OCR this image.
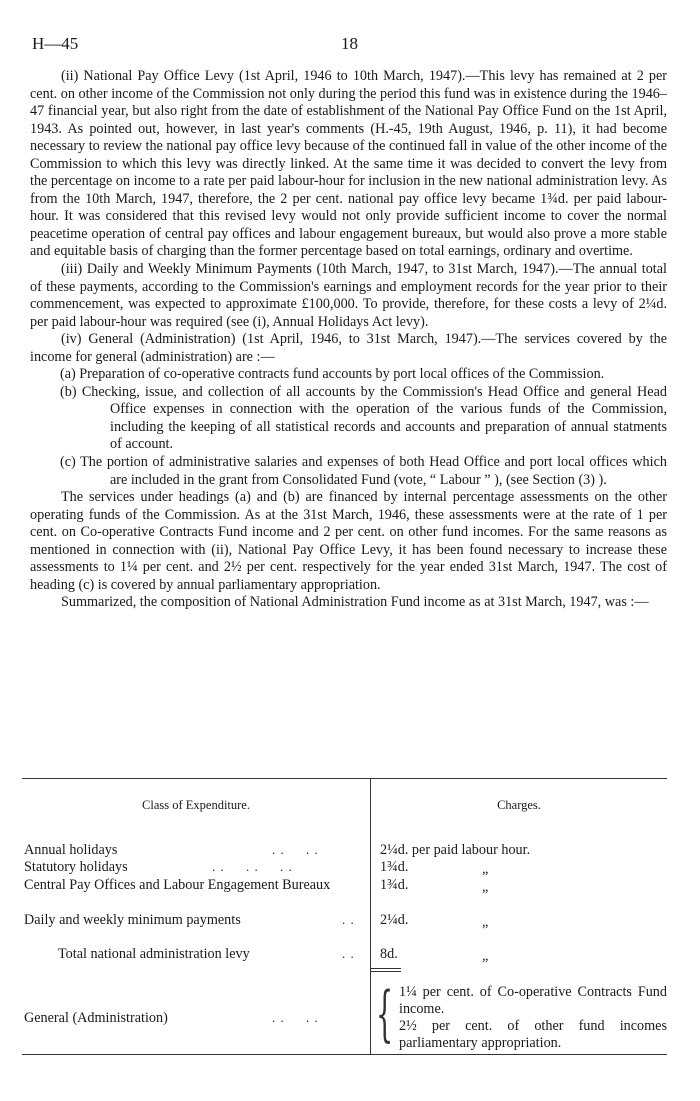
H—45	18

(ii) National Pay Office Levy (1st April, 1946 to 10th March, 1947).—This levy has remained at 2 per cent. on other income of the Commission not only during the period this fund was in existence during the 1946–47 financial year, but also right from the date of establishment of the National Pay Office Fund on the 1st April, 1943. As pointed out, however, in last year's comments (H.-45, 19th August, 1946, p. 11), it had become necessary to review the national pay office levy because of the continued fall in value of the other income of the Commission to which this levy was directly linked. At the same time it was decided to convert the levy from the percentage on income to a rate per paid labour-hour for inclusion in the new national administration levy. As from the 10th March, 1947, therefore, the 2 per cent. national pay office levy became 1¾d. per paid labour-hour. It was considered that this revised levy would not only provide sufficient income to cover the normal peacetime operation of central pay offices and labour engagement bureaux, but would also prove a more stable and equitable basis of charging than the former percentage based on total earnings, ordinary and overtime.

(iii) Daily and Weekly Minimum Payments (10th March, 1947, to 31st March, 1947).—The annual total of these payments, according to the Commission's earnings and employment records for the year prior to their commencement, was expected to approximate £100,000. To provide, therefore, for these costs a levy of 2¼d. per paid labour-hour was required (see (i), Annual Holidays Act levy).

(iv) General (Administration) (1st April, 1946, to 31st March, 1947).—The services covered by the income for general (administration) are :—

(a) Preparation of co-operative contracts fund accounts by port local offices of the Commission.

(b) Checking, issue, and collection of all accounts by the Commission's Head Office and general Head Office expenses in connection with the operation of the various funds of the Commission, including the keeping of all statistical records and accounts and preparation of annual statments of account.

(c) The portion of administrative salaries and expenses of both Head Office and port local offices which are included in the grant from Consolidated Fund (vote, “ Labour ” ), (see Section (3) ).

The services under headings (a) and (b) are financed by internal percentage assessments on the other operating funds of the Commission. As at the 31st March, 1946, these assessments were at the rate of 1 per cent. on Co-operative Contracts Fund income and 2 per cent. on other fund incomes. For the same reasons as mentioned in connection with (ii), National Pay Office Levy, it has been found necessary to increase these assessments to 1¼ per cent. and 2½ per cent. respectively for the year ended 31st March, 1947. The cost of heading (c) is covered by annual parliamentary appropriation.

Summarized, the composition of National Administration Fund income as at 31st March, 1947, was :—

Class of Expenditure.	Charges.
Annual holidays	. .     . .	2¼d. per paid labour hour.
Statutory holidays	. .     . .     . .	1¾d.	„
Central Pay Offices and Labour Engagement Bureaux	1¾d.	„
Daily and weekly minimum payments	. . 2¼d.	„
Total national administration levy	. . 8d.	„
General (Administration)	. .     . . { 1¼ per cent. of Co-operative Contracts Fund income.
2½ per cent. of other fund incomes parliamentary appropriation.
